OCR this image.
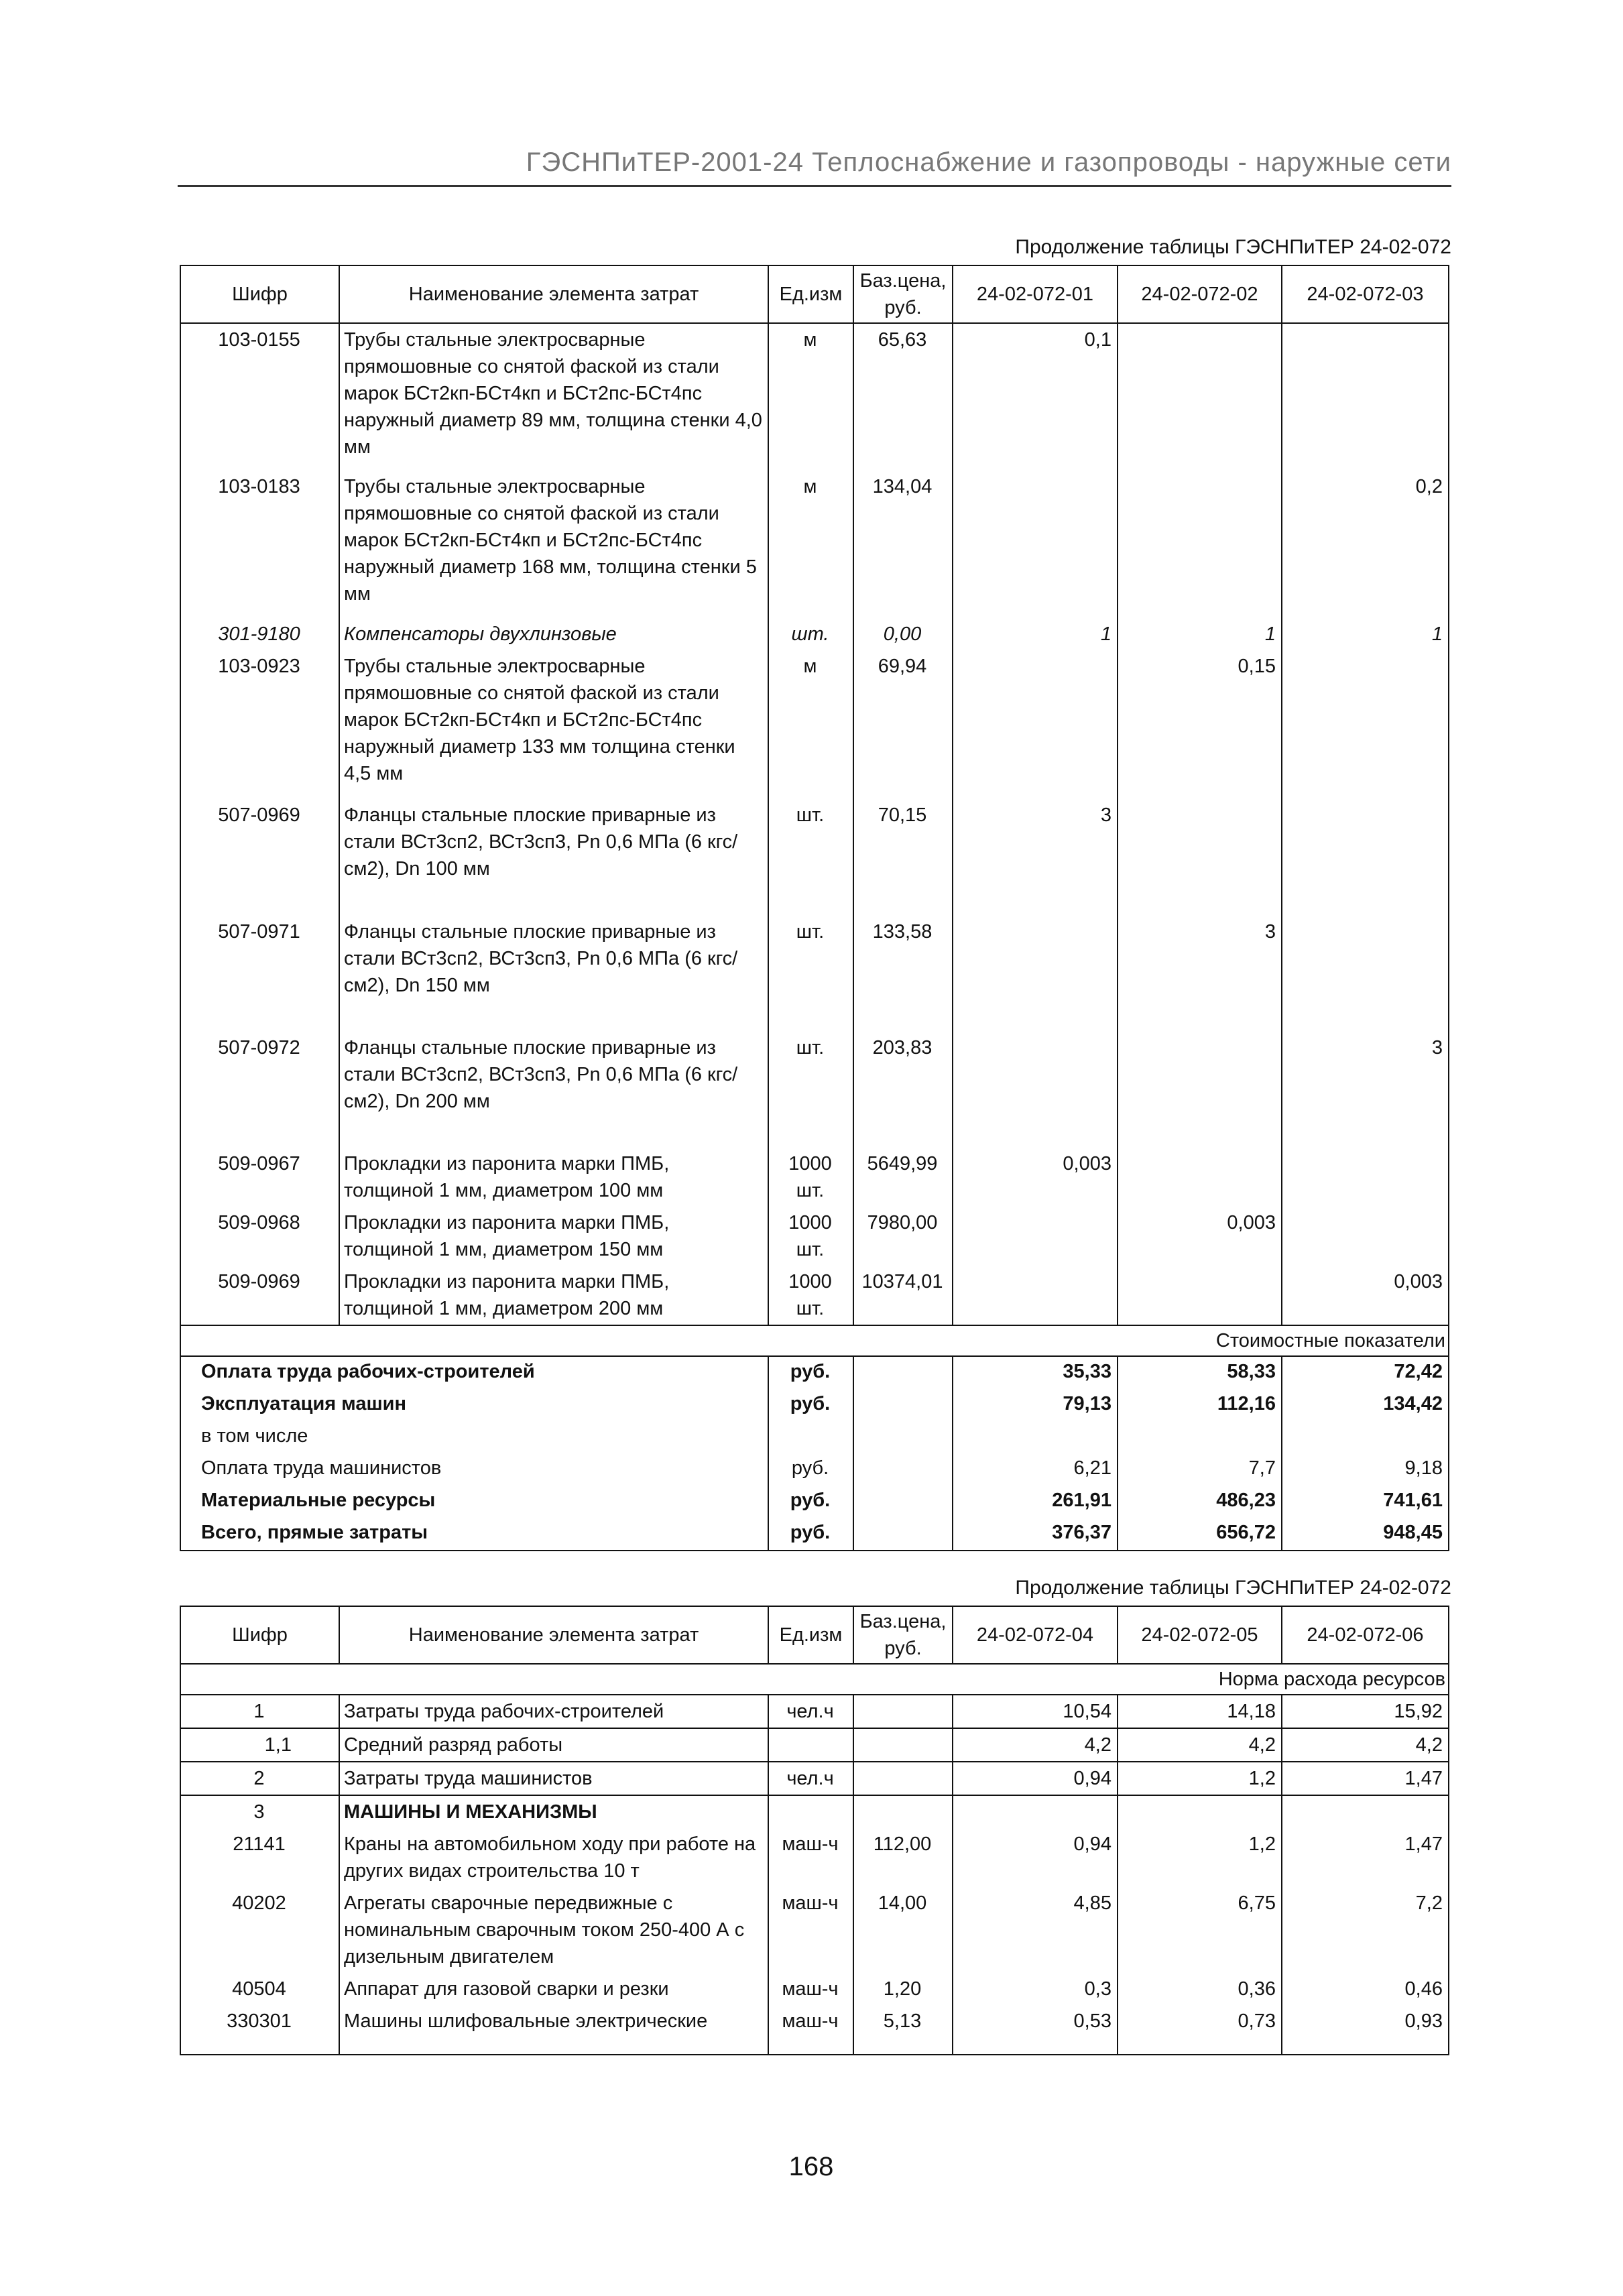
ГЭСНПиТЕР-2001-24 Теплоснабжение и газопроводы - наружные сети
Продолжение таблицы ГЭСНПиТЕР 24-02-072
Шифр	Наименование элемента затрат	Ед.изм	Баз.цена, руб.	24-02-072-01	24-02-072-02	24-02-072-03
103-0155	Трубы стальные электросварные прямошовные со снятой фаской из стали марок БСт2кп-БСт4кп и БСт2пс-БСт4пс наружный диаметр 89 мм, толщина стенки 4,0 мм	м	65,63	0,1		
103-0183	Трубы стальные электросварные прямошовные со снятой фаской из стали марок БСт2кп-БСт4кп и БСт2пс-БСт4пс наружный диаметр 168 мм, толщина стенки 5 мм	м	134,04			0,2
301-9180	Компенсаторы двухлинзовые	шт.	0,00	1	1	1
103-0923	Трубы стальные электросварные прямошовные со снятой фаской из стали марок БСт2кп-БСт4кп и БСт2пс-БСт4пс наружный диаметр 133 мм толщина стенки 4,5 мм	м	69,94		0,15	
507-0969	Фланцы стальные плоские приварные из стали ВСт3сп2, ВСт3сп3, Pn 0,6 МПа (6 кгс/см2), Dn 100 мм	шт.	70,15	3		
507-0971	Фланцы стальные плоские приварные из стали ВСт3сп2, ВСт3сп3, Pn 0,6 МПа (6 кгс/см2), Dn 150 мм	шт.	133,58		3	
507-0972	Фланцы стальные плоские приварные из стали ВСт3сп2, ВСт3сп3, Pn 0,6 МПа (6 кгс/см2), Dn 200 мм	шт.	203,83			3
509-0967	Прокладки из паронита марки ПМБ, толщиной 1 мм, диаметром 100 мм	1000 шт.	5649,99	0,003		
509-0968	Прокладки из паронита марки ПМБ, толщиной 1 мм, диаметром 150 мм	1000 шт.	7980,00		0,003	
509-0969	Прокладки из паронита марки ПМБ, толщиной 1 мм, диаметром 200 мм	1000 шт.	10374,01			0,003
Стоимостные показатели						
Оплата труда рабочих-строителей		руб.		35,33	58,33	72,42
Эксплуатация машин		руб.		79,13	112,16	134,42
в том числе						
Оплата труда машинистов		руб.		6,21	7,7	9,18
Материальные ресурсы		руб.		261,91	486,23	741,61
Всего, прямые затраты		руб.		376,37	656,72	948,45
Продолжение таблицы ГЭСНПиТЕР 24-02-072
Шифр	Наименование элемента затрат	Ед.изм	Баз.цена, руб.	24-02-072-04	24-02-072-05	24-02-072-06
Норма расхода ресурсов						
1	Затраты труда рабочих-строителей	чел.ч		10,54	14,18	15,92
1,1	Средний разряд работы			4,2	4,2	4,2
2	Затраты труда машинистов	чел.ч		0,94	1,2	1,47
3	МАШИНЫ И МЕХАНИЗМЫ					
21141	Краны на автомобильном ходу при работе на других видах строительства 10 т	маш-ч	112,00	0,94	1,2	1,47
40202	Агрегаты сварочные передвижные с номинальным сварочным током 250-400 А с дизельным двигателем	маш-ч	14,00	4,85	6,75	7,2
40504	Аппарат для газовой сварки и резки	маш-ч	1,20	0,3	0,36	0,46
330301	Машины шлифовальные электрические	маш-ч	5,13	0,53	0,73	0,93
168
